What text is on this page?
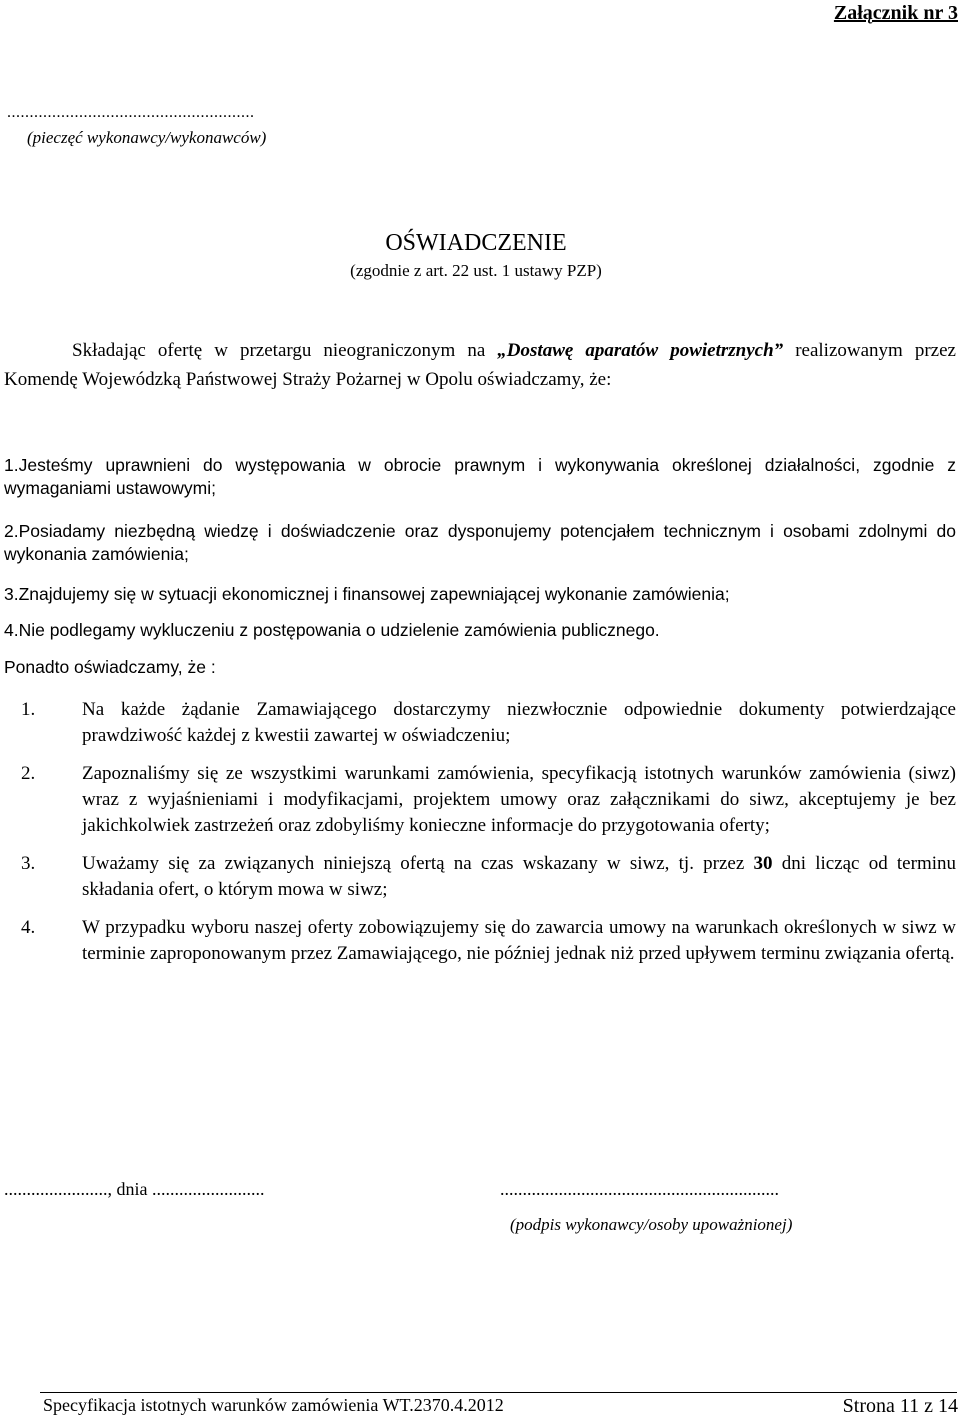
Załącznik nr 3
.......................................................
(pieczęć wykonawcy/wykonawców)
OŚWIADCZENIE
(zgodnie z art. 22 ust. 1 ustawy PZP)
Składając ofertę w przetargu nieograniczonym na „Dostawę aparatów powietrznych” realizowanym przez Komendę Wojewódzką Państwowej Straży Pożarnej w Opolu oświadczamy, że:

1.Jesteśmy uprawnieni do występowania w obrocie prawnym i wykonywania określonej działalności, zgodnie z wymaganiami ustawowymi;

2.Posiadamy niezbędną wiedzę i doświadczenie oraz dysponujemy potencjałem technicznym i osobami zdolnymi do wykonania zamówienia;

3.Znajdujemy się w sytuacji ekonomicznej i finansowej zapewniającej wykonanie zamówienia;

4.Nie podlegamy wykluczeniu z postępowania o udzielenie zamówienia publicznego.

Ponadto oświadczamy, że :

1. Na każde żądanie Zamawiającego dostarczymy niezwłocznie odpowiednie dokumenty potwierdzające prawdziwość każdej z kwestii zawartej w oświadczeniu;
2. Zapoznaliśmy się ze wszystkimi warunkami zamówienia, specyfikacją istotnych warunków zamówienia (siwz) wraz z wyjaśnieniami i modyfikacjami, projektem umowy oraz załącznikami do siwz, akceptujemy je bez jakichkolwiek zastrzeżeń oraz zdobyliśmy konieczne informacje do przygotowania oferty;
3. Uważamy się za związanych niniejszą ofertą na czas wskazany w siwz, tj. przez 30 dni licząc od terminu składania ofert, o którym mowa w siwz;
4. W przypadku wyboru naszej oferty zobowiązujemy się do zawarcia umowy na warunkach określonych w siwz w terminie zaproponowanym przez Zamawiającego, nie później jednak niż przed upływem terminu związania ofertą.
......................., dnia .........................	..............................................................
(podpis wykonawcy/osoby upoważnionej)
Specyfikacja istotnych warunków zamówienia WT.2370.4.2012	Strona 11 z 14
